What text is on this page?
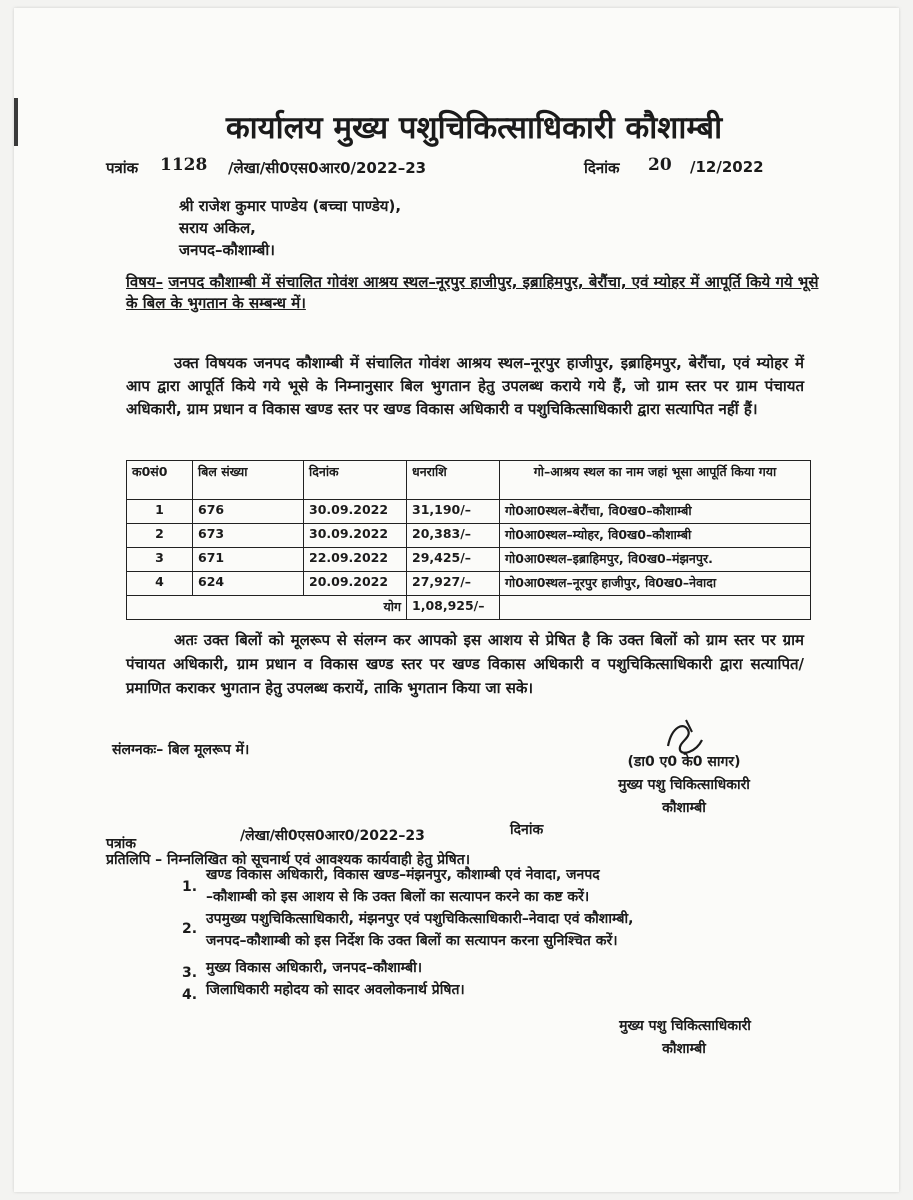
कार्यालय मुख्य पशुचिकित्साधिकारी कौशाम्बी
पत्रांक 1128 /लेखा/सी0एस0आर0/2022–23	दिनांक 20 /12/2022
श्री राजेश कुमार पाण्डेय (बच्चा पाण्डेय),
सराय अकिल,
जनपद–कौशाम्बी।
विषय– जनपद कौशाम्बी में संचालित गोवंश आश्रय स्थल–नूरपुर हाजीपुर, इब्राहिमपुर, बेरौंचा, एवं म्योहर में आपूर्ति किये गये भूसे के बिल के भुगतान के सम्बन्ध में।
उक्त विषयक जनपद कौशाम्बी में संचालित गोवंश आश्रय स्थल–नूरपुर हाजीपुर, इब्राहिमपुर, बेरौंचा, एवं म्योहर में आप द्वारा आपूर्ति किये गये भूसे के निम्नानुसार बिल भुगतान हेतु उपलब्ध कराये गये हैं, जो ग्राम स्तर पर ग्राम पंचायत अधिकारी, ग्राम प्रधान व विकास खण्ड स्तर पर खण्ड विकास अधिकारी व पशुचिकित्साधिकारी द्वारा सत्यापित नहीं हैं।
क0सं0	बिल संख्या	दिनांक	धनराशि	गो–आश्रय स्थल का नाम जहां भूसा आपूर्ति किया गया
1	676	30.09.2022	31,190/–	गो0आ0स्थल–बेरौंचा, वि0ख0–कौशाम्बी
2	673	30.09.2022	20,383/–	गो0आ0स्थल–म्योहर, वि0ख0–कौशाम्बी
3	671	22.09.2022	29,425/–	गो0आ0स्थल–इब्राहिमपुर, वि0ख0–मंझनपुर.
4	624	20.09.2022	27,927/–	गो0आ0स्थल–नूरपुर हाजीपुर, वि0ख0–नेवादा
योग			1,08,925/–	
अतः उक्त बिलों को मूलरूप से संलग्न कर आपको इस आशय से प्रेषित है कि उक्त बिलों को ग्राम स्तर पर ग्राम पंचायत अधिकारी, ग्राम प्रधान व विकास खण्ड स्तर पर खण्ड विकास अधिकारी व पशुचिकित्साधिकारी द्वारा सत्यापित/प्रमाणित कराकर भुगतान हेतु उपलब्ध करायें, ताकि भुगतान किया जा सके।
संलग्नकः– बिल मूलरूप में।
(डा0 ए0 के0 सागर)
मुख्य पशु चिकित्साधिकारी
कौशाम्बी
पत्रांक	/लेखा/सी0एस0आर0/2022–23	दिनांक
प्रतिलिपि – निम्नलिखित को सूचनार्थ एवं आवश्यक कार्यवाही हेतु प्रेषित।
1.
खण्ड विकास अधिकारी, विकास खण्ड–मंझनपुर, कौशाम्बी एवं नेवादा, जनपद
–कौशाम्बी को इस आशय से कि उक्त बिलों का सत्यापन करने का कष्ट करें।
2.
उपमुख्य पशुचिकित्साधिकारी, मंझनपुर एवं पशुचिकित्साधिकारी–नेवादा एवं कौशाम्बी,
जनपद–कौशाम्बी को इस निर्देश कि उक्त बिलों का सत्यापन करना सुनिश्चित करें।
3. मुख्य विकास अधिकारी, जनपद–कौशाम्बी।
4. जिलाधिकारी महोदय को सादर अवलोकनार्थ प्रेषित।
मुख्य पशु चिकित्साधिकारी
कौशाम्बी
